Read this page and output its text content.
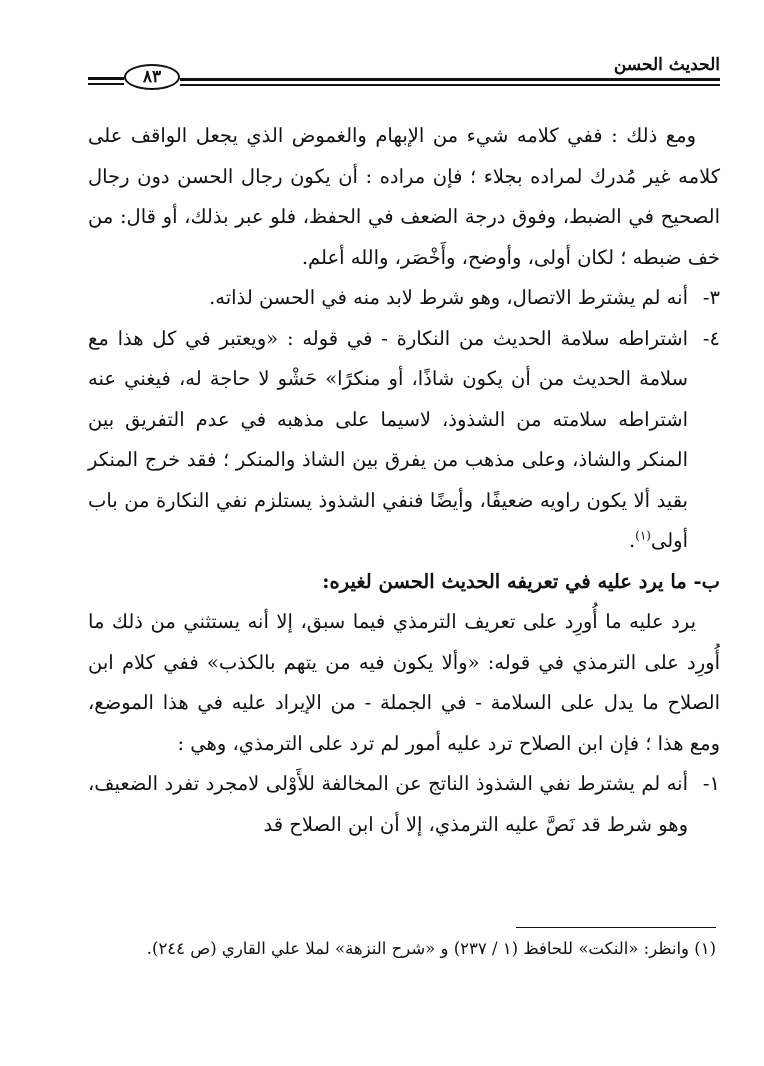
الحديث الحسن
٨٣

ومع ذلك : ففي كلامه شيء من الإبهام والغموض الذي يجعل الواقف على كلامه غير مُدرك لمراده بجلاء ؛ فإن مراده : أن يكون رجال الحسن دون رجال الصحيح في الضبط، وفوق درجة الضعف في الحفظ، فلو عبر بذلك، أو قال: من خف ضبطه ؛ لكان أولى، وأوضح، وأَخْصَر، والله أعلم.

٣-
أنه لم يشترط الاتصال، وهو شرط لابد منه في الحسن لذاته.
٤-
اشتراطه سلامة الحديث من النكارة - في قوله : «ويعتبر في كل هذا مع سلامة الحديث من أن يكون شاذًا، أو منكرًا» حَشْو لا حاجة له، فيغني عنه اشتراطه سلامته من الشذوذ، لاسيما على مذهبه في عدم التفريق بين المنكر والشاذ، وعلى مذهب من يفرق بين الشاذ والمنكر ؛ فقد خرج المنكر بقيد ألا يكون راويه ضعيفًا، وأيضًا فنفي الشذوذ يستلزم نفي النكارة من باب أولى$^{(١)}$.

ب- ما يرد عليه في تعريفه الحديث الحسن لغيره:

يرد عليه ما أُورِد على تعريف الترمذي فيما سبق، إلا أنه يستثني من ذلك ما أُورِد على الترمذي في قوله: «وألا يكون فيه من يتهم بالكذب» ففي كلام ابن الصلاح ما يدل على السلامة - في الجملة - من الإيراد عليه في هذا الموضع، ومع هذا ؛ فإن ابن الصلاح ترد عليه أمور لم ترد على الترمذي، وهي :

١-
أنه لم يشترط نفي الشذوذ الناتج عن المخالفة للأَوْلى لامجرد تفرد الضعيف، وهو شرط قد نَصَّ عليه الترمذي، إلا أن ابن الصلاح قد
(١) وانظر: «النكت» للحافظ (١ / ٢٣٧) و «شرح النزهة» لملا علي القاري (ص ٢٤٤).
